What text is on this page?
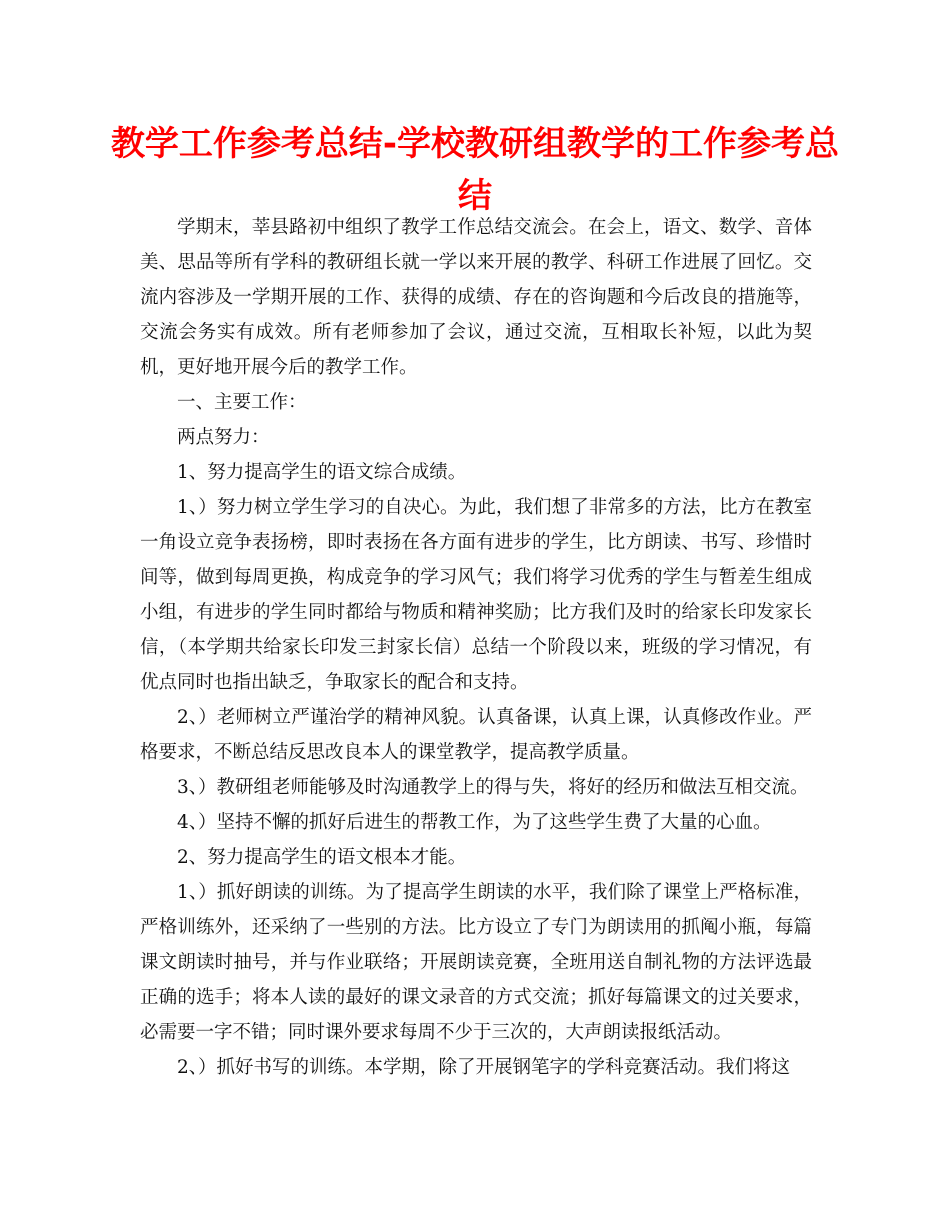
教学工作参考总结-学校教研组教学的工作参考总结

学期末，莘县路初中组织了教学工作总结交流会。在会上，语文、数学、音体美、思品等所有学科的教研组长就一学以来开展的教学、科研工作进展了回忆。交流内容涉及一学期开展的工作、获得的成绩、存在的咨询题和今后改良的措施等，交流会务实有成效。所有老师参加了会议，通过交流，互相取长补短，以此为契机，更好地开展今后的教学工作。

一、主要工作：

两点努力：

1、努力提高学生的语文综合成绩。

1、）努力树立学生学习的自决心。为此，我们想了非常多的方法，比方在教室一角设立竞争表扬榜，即时表扬在各方面有进步的学生，比方朗读、书写、珍惜时间等，做到每周更换，构成竞争的学习风气；我们将学习优秀的学生与暂差生组成小组，有进步的学生同时都给与物质和精神奖励；比方我们及时的给家长印发家长信，（本学期共给家长印发三封家长信）总结一个阶段以来，班级的学习情况，有优点同时也指出缺乏，争取家长的配合和支持。

2、）老师树立严谨治学的精神风貌。认真备课，认真上课，认真修改作业。严格要求，不断总结反思改良本人的课堂教学，提高教学质量。

3、）教研组老师能够及时沟通教学上的得与失，将好的经历和做法互相交流。

4、）坚持不懈的抓好后进生的帮教工作，为了这些学生费了大量的心血。

2、努力提高学生的语文根本才能。

1、）抓好朗读的训练。为了提高学生朗读的水平，我们除了课堂上严格标准，严格训练外，还采纳了一些别的方法。比方设立了专门为朗读用的抓阄小瓶，每篇课文朗读时抽号，并与作业联络；开展朗读竞赛，全班用送自制礼物的方法评选最正确的选手；将本人读的最好的课文录音的方式交流；抓好每篇课文的过关要求，必需要一字不错；同时课外要求每周不少于三次的，大声朗读报纸活动。

2、）抓好书写的训练。本学期，除了开展钢笔字的学科竞赛活动。我们将这
